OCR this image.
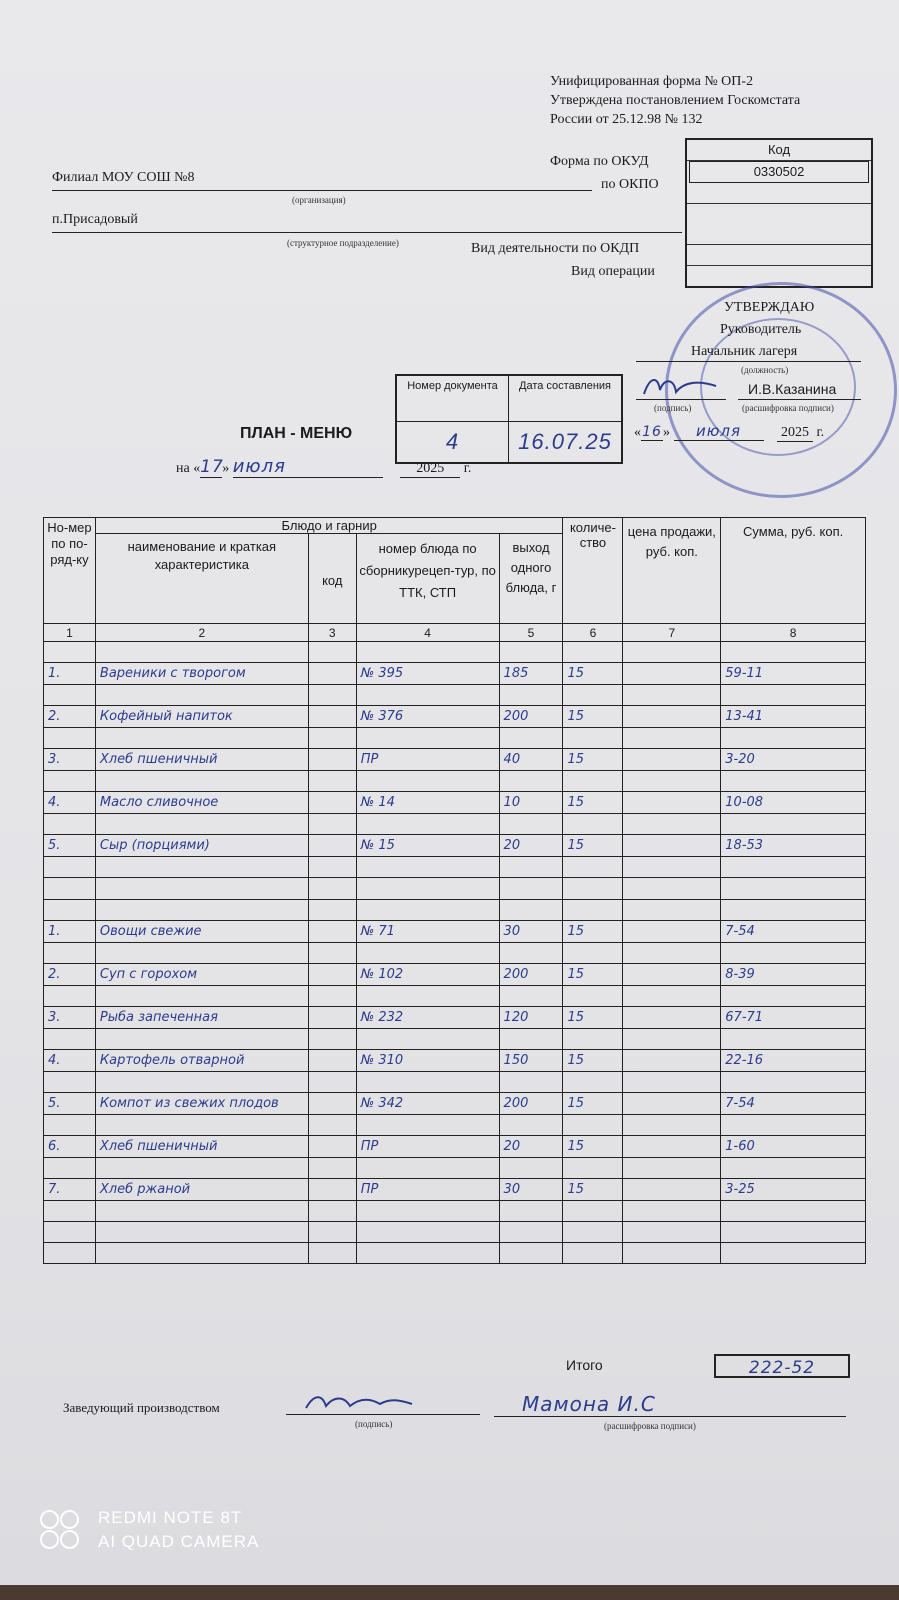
Унифицированная форма № ОП-2
Утверждена постановлением Госкомстата
России от 25.12.98 № 132
Форма по ОКУД
по ОКПО
Вид деятельности по ОКДП
Вид операции
Код
0330502
Филиал МОУ СОШ №8
(организация)
п.Присадовый
(структурное подразделение)
УТВЕРЖДАЮ
Руководитель
Начальник лагеря
(должность)
И.В.Казанина
(подпись)	(расшифровка подписи)
«16» июля	2025 г.
ПЛАН - МЕНЮ
на «17» июля	2025 г.
Номер документа	Дата составления
4	16.07.25
Но-мер по по-ряд-ку	Блюдо и гарнир				количе-ство	цена продажи, руб. коп.	Сумма, руб. коп.
	наименование и краткая характеристика	код	номер блюда по сборникурецеп-тур, по ТТК, СТП	выход одного блюда, г			
1	2	3	4	5	6	7	8

1.	Вареники с творогом		№ 395	185	15		59-11

2.	Кофейный напиток		№ 376	200	15		13-41

3.	Хлеб пшеничный		ПР	40	15		3-20

4.	Масло сливочное		№ 14	10	15		10-08

5.	Сыр (порциями)		№ 15	20	15		18-53

1.	Овощи свежие		№ 71	30	15		7-54

2.	Суп с горохом		№ 102	200	15		8-39

3.	Рыба запеченная		№ 232	120	15		67-71

4.	Картофель отварной		№ 310	150	15		22-16

5.	Компот из свежих плодов		№ 342	200	15		7-54

6.	Хлеб пшеничный		ПР	20	15		1-60

7.	Хлеб ржаной		ПР	30	15		3-25

Итого	222-52
Заведующий производством
(подпись)
Мамона И.С
(расшифровка подписи)
REDMI NOTE 8T
AI QUAD CAMERA
